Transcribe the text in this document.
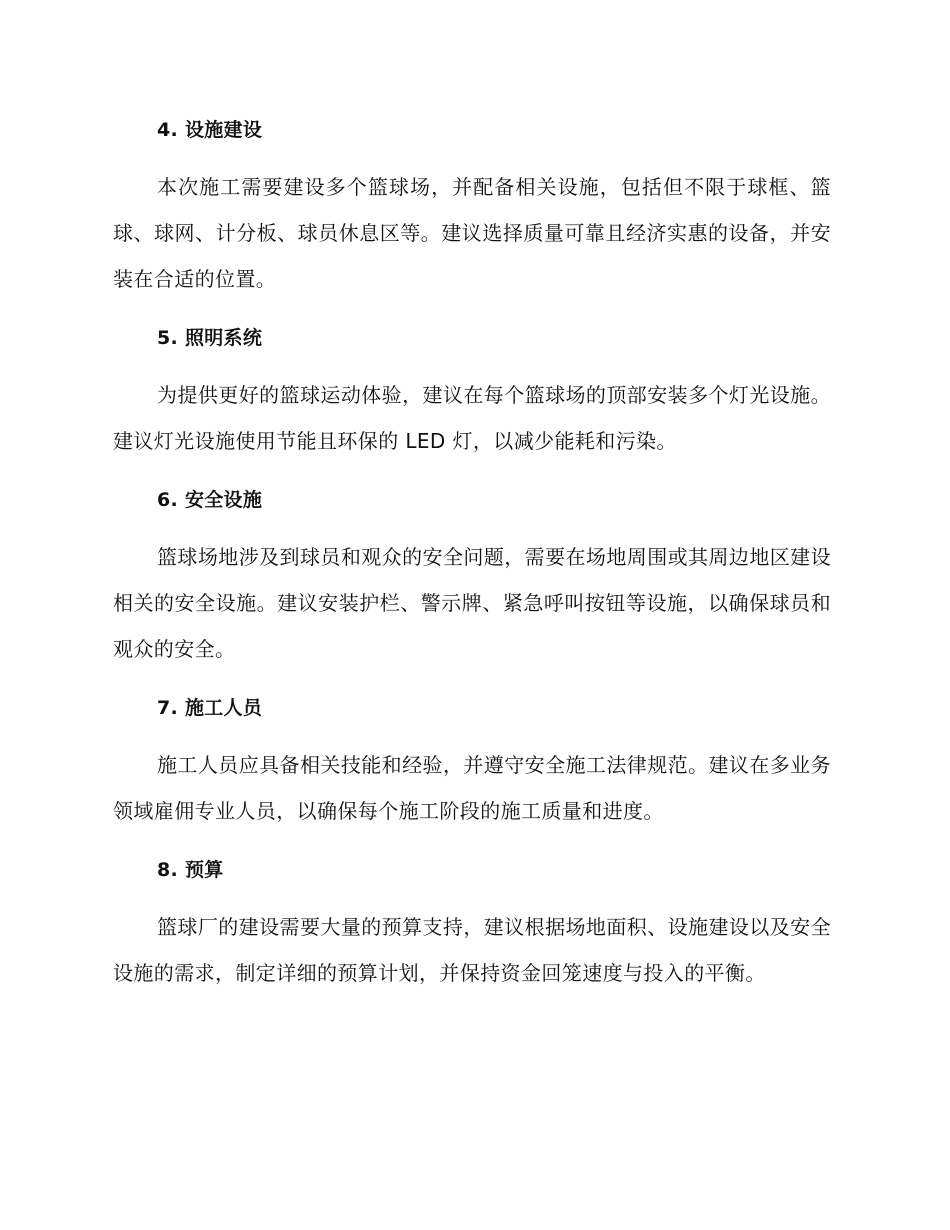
4. 设施建设

本次施工需要建设多个篮球场，并配备相关设施，包括但不限于球框、篮球、球网、计分板、球员休息区等。建议选择质量可靠且经济实惠的设备，并安装在合适的位置。

5. 照明系统

为提供更好的篮球运动体验，建议在每个篮球场的顶部安装多个灯光设施。建议灯光设施使用节能且环保的 LED 灯，以减少能耗和污染。

6. 安全设施

篮球场地涉及到球员和观众的安全问题，需要在场地周围或其周边地区建设相关的安全设施。建议安装护栏、警示牌、紧急呼叫按钮等设施，以确保球员和观众的安全。

7. 施工人员

施工人员应具备相关技能和经验，并遵守安全施工法律规范。建议在多业务领域雇佣专业人员，以确保每个施工阶段的施工质量和进度。

8. 预算

篮球厂的建设需要大量的预算支持，建议根据场地面积、设施建设以及安全设施的需求，制定详细的预算计划，并保持资金回笼速度与投入的平衡。
